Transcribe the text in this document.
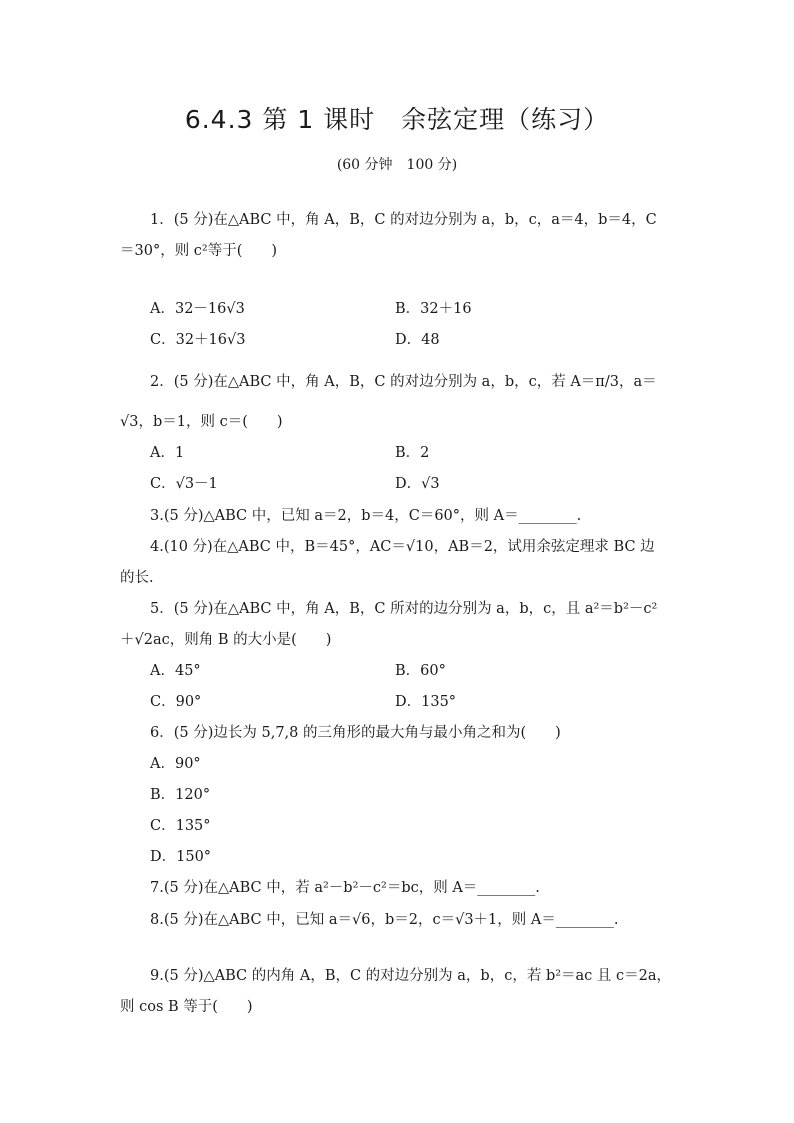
6.4.3 第 1 课时　余弦定理（练习）
(60 分钟　100 分)
1．(5 分)在△ABC 中，角 A，B，C 的对边分别为 a，b，c，a＝4，b＝4，C
＝30°，则 c²等于(　　)
A．32－16√3	B．32＋16
C．32＋16√3	D．48
2．(5 分)在△ABC 中，角 A，B，C 的对边分别为 a，b，c，若 A＝π/3，a＝
√3，b＝1，则 c＝(　　)
A．1	B．2
C．√3－1	D．√3
3.(5 分)△ABC 中，已知 a＝2，b＝4，C＝60°，则 A＝________.
4.(10 分)在△ABC 中，B＝45°，AC＝√10，AB＝2，试用余弦定理求 BC 边
的长.
5．(5 分)在△ABC 中，角 A，B，C 所对的边分别为 a，b，c，且 a²＝b²－c²
＋√2ac，则角 B 的大小是(　　)
A．45°	B．60°
C．90°	D．135°
6．(5 分)边长为 5,7,8 的三角形的最大角与最小角之和为(　　)
A．90°
B．120°
C．135°
D．150°
7.(5 分)在△ABC 中，若 a²－b²－c²＝bc，则 A＝________.
8.(5 分)在△ABC 中，已知 a＝√6，b＝2，c＝√3＋1，则 A＝________.
9.(5 分)△ABC 的内角 A，B，C 的对边分别为 a，b，c，若 b²＝ac 且 c＝2a，
则 cos B 等于(　　)
